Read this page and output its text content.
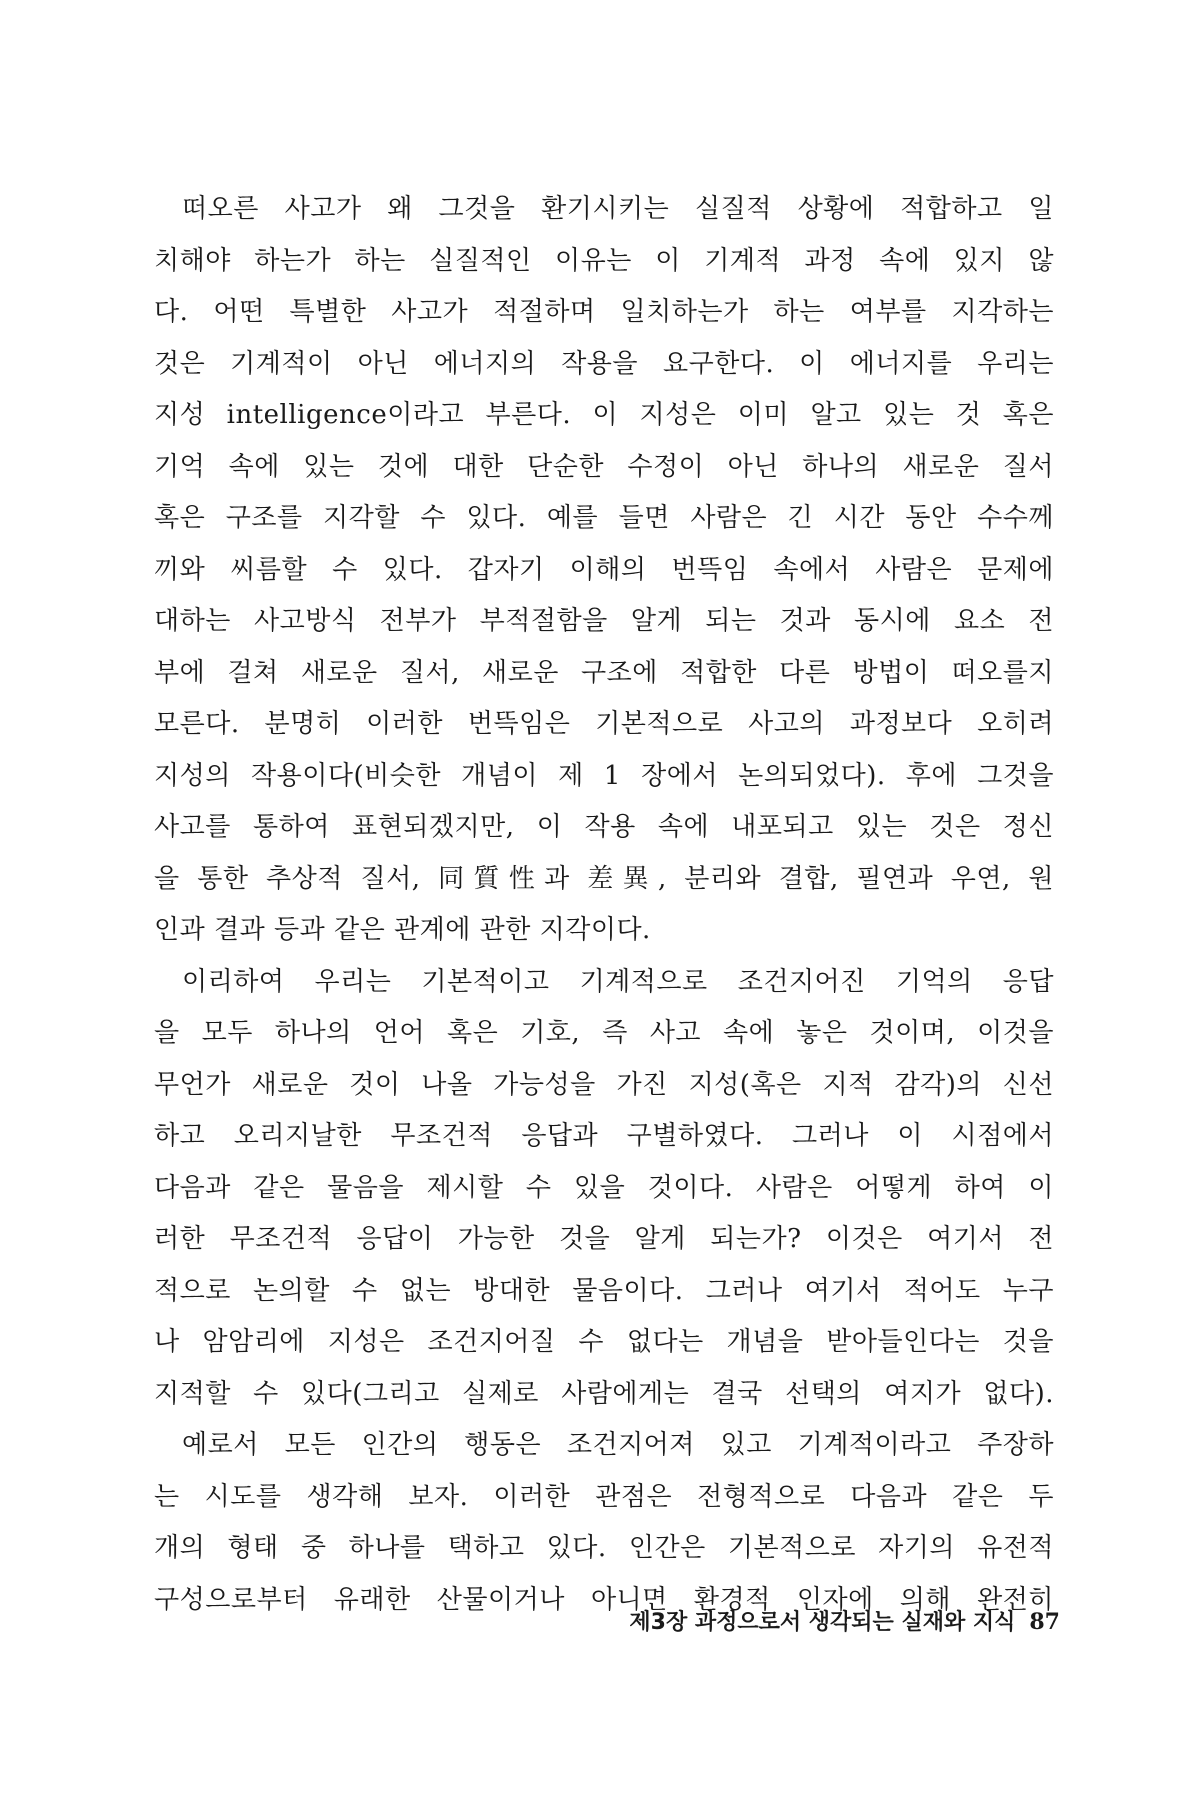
떠오른 사고가 왜 그것을 환기시키는 실질적 상황에 적합하고 일
치해야 하는가 하는 실질적인 이유는 이 기계적 과정 속에 있지 않
다. 어떤 특별한 사고가 적절하며 일치하는가 하는 여부를 지각하는
것은 기계적이 아닌 에너지의 작용을 요구한다. 이 에너지를 우리는
지성 intelligence이라고 부른다. 이 지성은 이미 알고 있는 것 혹은
기억 속에 있는 것에 대한 단순한 수정이 아닌 하나의 새로운 질서
혹은 구조를 지각할 수 있다. 예를 들면 사람은 긴 시간 동안 수수께
끼와 씨름할 수 있다. 갑자기 이해의 번뜩임 속에서 사람은 문제에
대하는 사고방식 전부가 부적절함을 알게 되는 것과 동시에 요소 전
부에 걸쳐 새로운 질서, 새로운 구조에 적합한 다른 방법이 떠오를지
모른다. 분명히 이러한 번뜩임은 기본적으로 사고의 과정보다 오히려
지성의 작용이다(비슷한 개념이 제 1 장에서 논의되었다). 후에 그것을
사고를 통하여 표현되겠지만, 이 작용 속에 내포되고 있는 것은 정신
을 통한 추상적 질서, 同質性과 差異, 분리와 결합, 필연과 우연, 원
인과 결과 등과 같은 관계에 관한 지각이다.
이리하여 우리는 기본적이고 기계적으로 조건지어진 기억의 응답
을 모두 하나의 언어 혹은 기호, 즉 사고 속에 놓은 것이며, 이것을
무언가 새로운 것이 나올 가능성을 가진 지성(혹은 지적 감각)의 신선
하고 오리지날한 무조건적 응답과 구별하였다. 그러나 이 시점에서
다음과 같은 물음을 제시할 수 있을 것이다. 사람은 어떻게 하여 이
러한 무조건적 응답이 가능한 것을 알게 되는가? 이것은 여기서 전
적으로 논의할 수 없는 방대한 물음이다. 그러나 여기서 적어도 누구
나 암암리에 지성은 조건지어질 수 없다는 개념을 받아들인다는 것을
지적할 수 있다(그리고 실제로 사람에게는 결국 선택의 여지가 없다).
예로서 모든 인간의 행동은 조건지어져 있고 기계적이라고 주장하
는 시도를 생각해 보자. 이러한 관점은 전형적으로 다음과 같은 두
개의 형태 중 하나를 택하고 있다. 인간은 기본적으로 자기의 유전적
구성으로부터 유래한 산물이거나 아니면 환경적 인자에 의해 완전히
제3장 과정으로서 생각되는 실재와 지식 87
